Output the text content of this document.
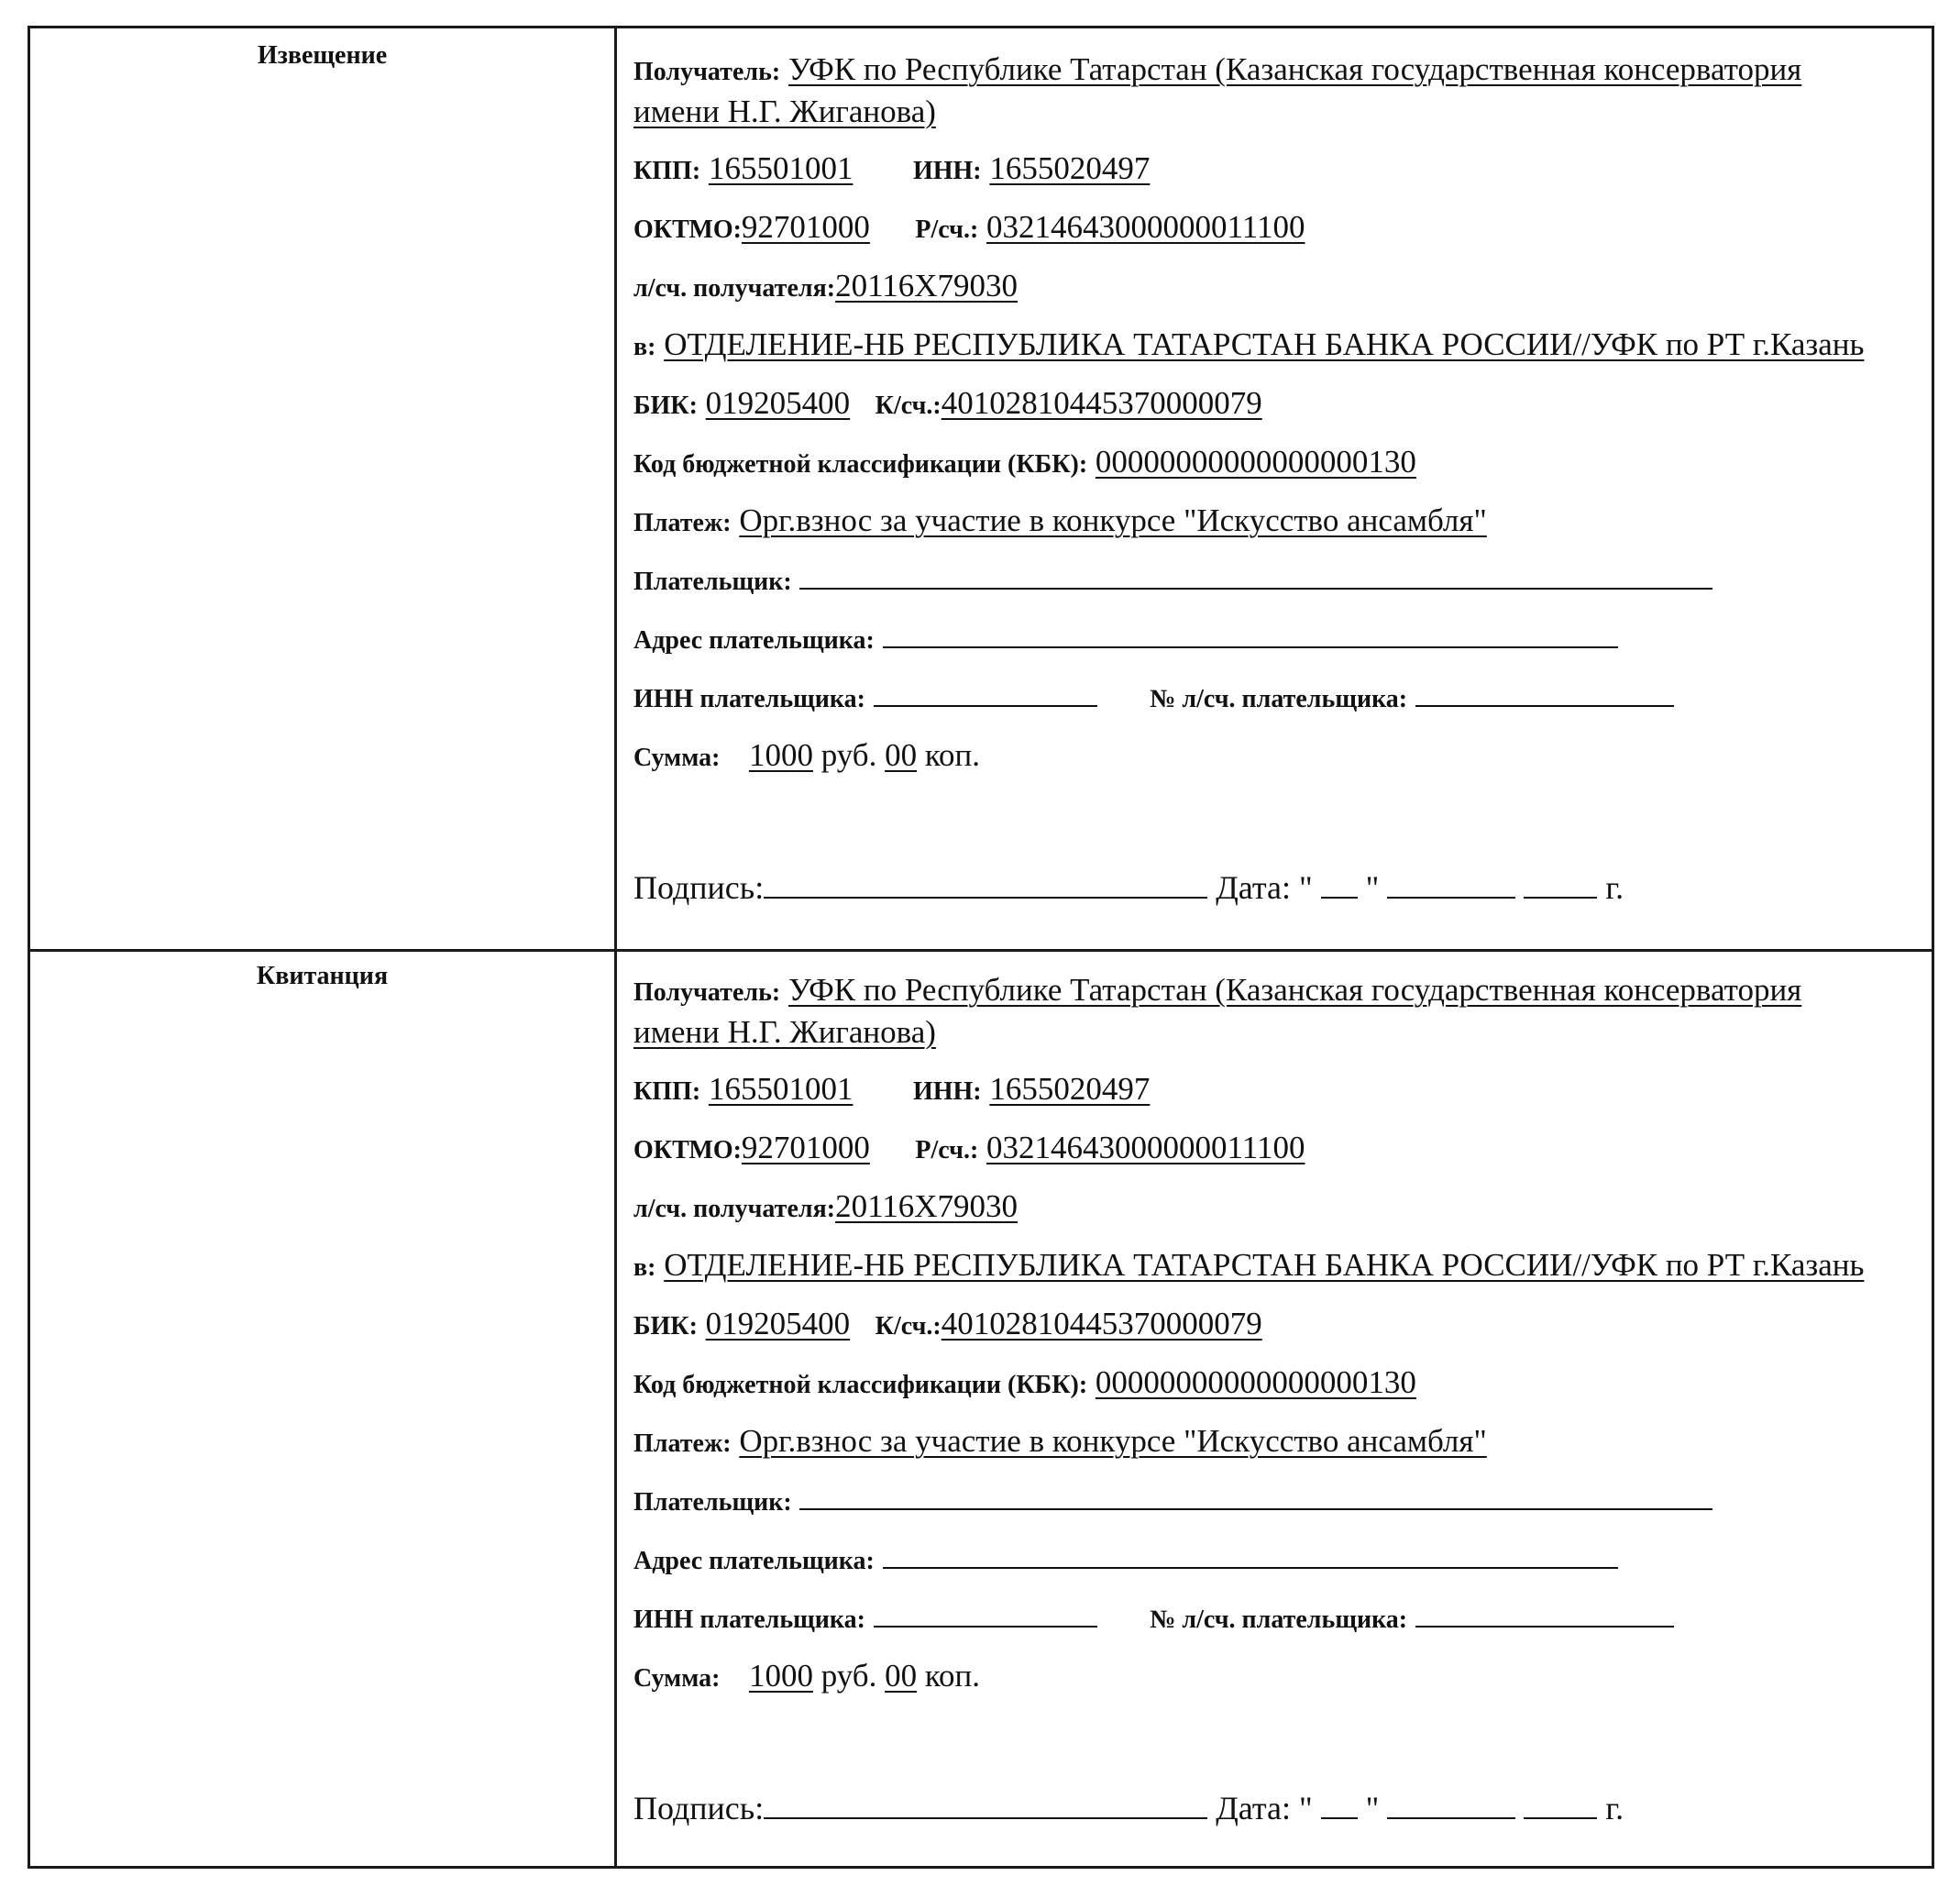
Извещение
Получатель: УФК по Республике Татарстан (Казанская государственная консерватория
имени Н.Г. Жиганова)
КПП: 165501001 ИНН: 1655020497
ОКТМО:92701000 Р/сч.: 03214643000000011100
л/сч. получателя:20116Х79030
в: ОТДЕЛЕНИЕ-НБ РЕСПУБЛИКА ТАТАРСТАН БАНКА РОССИИ//УФК по РТ г.Казань
БИК: 019205400 К/сч.:40102810445370000079
Код бюджетной классификации (КБК): 00000000000000000130
Платеж: Орг.взнос за участие в конкурсе "Искусство ансамбля"
Плательщик:
Адрес плательщика:
ИНН плательщика:	№ л/сч. плательщика:
Сумма: 1000 руб. 00 коп.
Подпись:	Дата: " "	г.
Квитанция
Получатель: УФК по Республике Татарстан (Казанская государственная консерватория
имени Н.Г. Жиганова)
КПП: 165501001 ИНН: 1655020497
ОКТМО:92701000 Р/сч.: 03214643000000011100
л/сч. получателя:20116Х79030
в: ОТДЕЛЕНИЕ-НБ РЕСПУБЛИКА ТАТАРСТАН БАНКА РОССИИ//УФК по РТ г.Казань
БИК: 019205400 К/сч.:40102810445370000079
Код бюджетной классификации (КБК): 00000000000000000130
Платеж: Орг.взнос за участие в конкурсе "Искусство ансамбля"
Плательщик:
Адрес плательщика:
ИНН плательщика:	№ л/сч. плательщика:
Сумма: 1000 руб. 00 коп.
Подпись:	Дата: " "	г.
